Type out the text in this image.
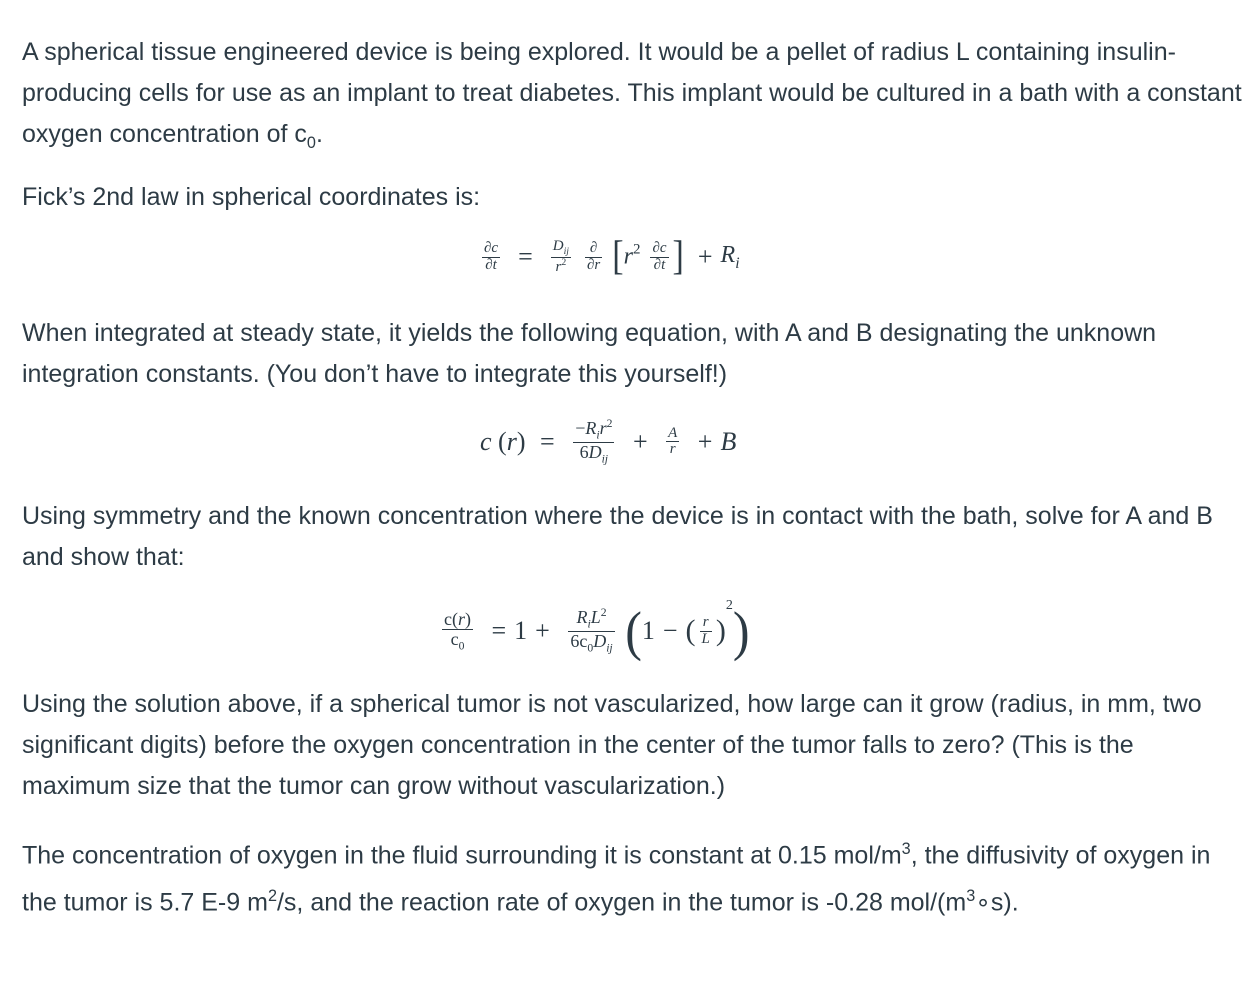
A spherical tissue engineered device is being explored. It would be a pellet of radius L containing insulin-producing cells for use as an implant to treat diabetes. This implant would be cultured in a bath with a constant oxygen concentration of $c_0$.

Fick’s 2nd law in spherical coordinates is:

$\frac{\partial c}{\partial t} = \frac{D_{ij}}{r^2}$
$\frac{\partial}{\partial r} [r^2 \frac{\partial c}{\partial t}$ ] + $R_i$

When integrated at steady state, it yields the following equation, with A and B designating the unknown integration constants. (You don’t have to integrate this yourself!)

c $(r) = \frac{-R_ir^2}{6D_{ij}} + \frac{A}{r} + B$

Using symmetry and the known concentration where the device is in contact with the bath, solve for A and B and show that:

$\frac{c(r)}{c_0} = 1 + \frac{R_iL^2}{6c_0D_{ij}} (1$ − ( $\frac{r}{L} )^2$)

Using the solution above, if a spherical tumor is not vascularized, how large can it grow (radius, in mm, two significant digits) before the oxygen concentration in the center of the tumor falls to zero? (This is the maximum size that the tumor can grow without vascularization.)

The concentration of oxygen in the fluid surrounding it is constant at 0.15 mol/$m^3$, the diffusivity of oxygen in the tumor is 5.7 E-9 $m^2/s$, and the reaction rate of oxygen in the tumor is -0.28 mol/$(m^3\circ s)$.
